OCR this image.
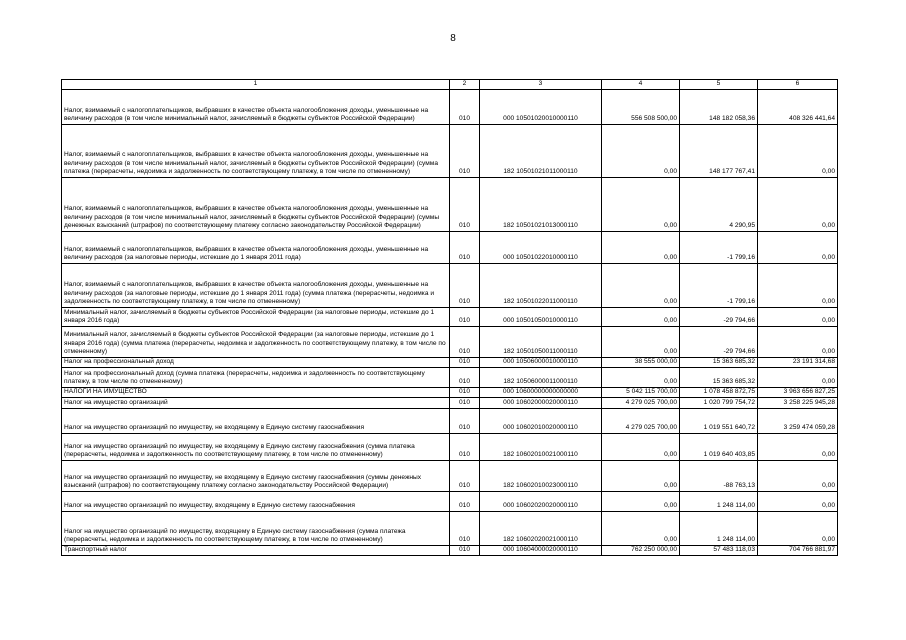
8
1	2	3	4	5	6
Налог, взимаемый с налогоплательщиков, выбравших в качестве объекта налогообложения доходы, уменьшенные на величину расходов (в том числе минимальный налог, зачисляемый в бюджеты субъектов Российской Федерации)	010	000 10501020010000110	556 508 500,00	148 182 058,36	408 326 441,64
Налог, взимаемый с налогоплательщиков, выбравших в качестве объекта налогообложения доходы, уменьшенные на величину расходов (в том числе минимальный налог, зачисляемый в бюджеты субъектов Российской Федерации) (сумма платежа (перерасчеты, недоимка и задолженность по соответствующему платежу, в том числе по отмененному)	010	182 10501021011000110	0,00	148 177 767,41	0,00
Налог, взимаемый с налогоплательщиков, выбравших в качестве объекта налогообложения доходы, уменьшенные на величину расходов (в том числе минимальный налог, зачисляемый в бюджеты субъектов Российской Федерации) (суммы денежных взысканий (штрафов) по соответствующему платежу согласно законодательству Российской Федерации)	010	182 10501021013000110	0,00	4 290,95	0,00
Налог, взимаемый с налогоплательщиков, выбравших в качестве объекта налогообложения доходы, уменьшенные на величину расходов (за налоговые периоды, истекшие до 1 января 2011 года)	010	000 10501022010000110	0,00	-1 799,16	0,00
Налог, взимаемый с налогоплательщиков, выбравших в качестве объекта налогообложения доходы, уменьшенные на величину расходов (за налоговые периоды, истекшие до 1 января 2011 года) (сумма платежа (перерасчеты, недоимка и задолженность по соответствующему платежу, в том числе по отмененному)	010	182 10501022011000110	0,00	-1 799,16	0,00
Минимальный налог, зачисляемый в бюджеты субъектов Российской Федерации (за налоговые периоды, истекшие до 1 января 2016 года)	010	000 10501050010000110	0,00	-29 794,66	0,00
Минимальный налог, зачисляемый в бюджеты субъектов Российской Федерации (за налоговые периоды, истекшие до 1 января 2016 года) (сумма платежа (перерасчеты, недоимка и задолженность по соответствующему платежу, в том числе по отмененному)	010	182 10501050011000110	0,00	-29 794,66	0,00
Налог на профессиональный доход	010	000 10506000010000110	38 555 000,00	15 363 685,32	23 191 314,68
Налог на профессиональный доход (сумма платежа (перерасчеты, недоимка и задолженность по соответствующему платежу, в том числе по отмененному)	010	182 10506000011000110	0,00	15 363 685,32	0,00
НАЛОГИ НА ИМУЩЕСТВО	010	000 10600000000000000	5 042 115 700,00	1 078 458 872,75	3 963 656 827,25
Налог на имущество организаций	010	000 10602000020000110	4 279 025 700,00	1 020 799 754,72	3 258 225 945,28
Налог на имущество организаций по имуществу, не входящему в Единую систему газоснабжения	010	000 10602010020000110	4 279 025 700,00	1 019 551 640,72	3 259 474 059,28
Налог на имущество организаций по имуществу, не входящему в Единую систему газоснабжения (сумма платежа (перерасчеты, недоимка и задолженность по соответствующему платежу, в том числе по отмененному)	010	182 10602010021000110	0,00	1 019 640 403,85	0,00
Налог на имущество организаций по имуществу, не входящему в Единую систему газоснабжения (суммы денежных взысканий (штрафов) по соответствующему платежу согласно законодательству Российской Федерации)	010	182 10602010023000110	0,00	-88 763,13	0,00
Налог на имущество организаций по имуществу, входящему в Единую систему газоснабжения	010	000 10602020020000110	0,00	1 248 114,00	0,00
Налог на имущество организаций по имуществу, входящему в Единую систему газоснабжения (сумма платежа (перерасчеты, недоимка и задолженность по соответствующему платежу, в том числе по отмененному)	010	182 10602020021000110	0,00	1 248 114,00	0,00
Транспортный налог	010	000 10604000020000110	762 250 000,00	57 483 118,03	704 766 881,97
